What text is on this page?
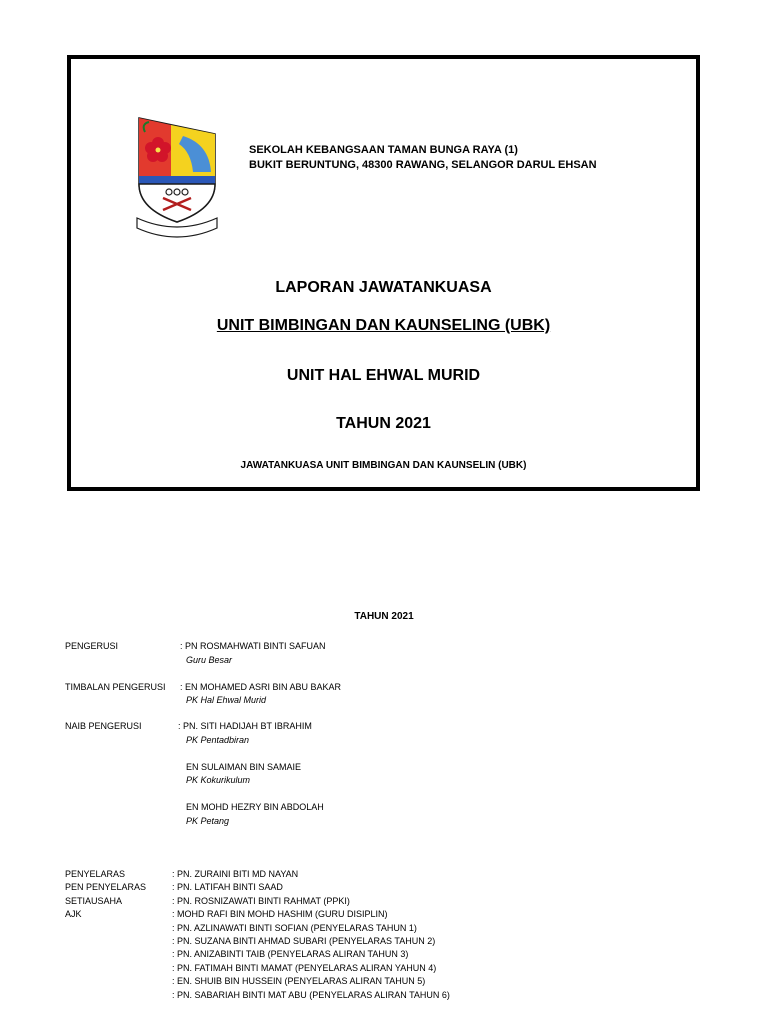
SEKOLAH KEBANGSAAN TAMAN BUNGA RAYA (1)
BUKIT BERUNTUNG, 48300 RAWANG, SELANGOR DARUL EHSAN
LAPORAN JAWATANKUASA
UNIT BIMBINGAN DAN KAUNSELING (UBK)
UNIT HAL EHWAL MURID
TAHUN 2021
JAWATANKUASA UNIT BIMBINGAN DAN KAUNSELIN (UBK)
TAHUN 2021
PENGERUSI	: PN ROSMAHWATI BINTI SAFUAN
Guru Besar
TIMBALAN PENGERUSI : EN MOHAMED ASRI BIN ABU BAKAR
PK Hal Ehwal Murid
NAIB PENGERUSI	: PN. SITI HADIJAH BT IBRAHIM
PK Pentadbiran
EN SULAIMAN BIN SAMAIE
PK Kokurikulum
EN MOHD HEZRY BIN ABDOLAH
PK Petang
PENYELARAS	: PN. ZURAINI BITI MD NAYAN
PEN PENYELARAS	: PN. LATIFAH BINTI SAAD
SETIAUSAHA	: PN. ROSNIZAWATI BINTI RAHMAT (PPKI)
AJK	: MOHD RAFI BIN MOHD HASHIM (GURU DISIPLIN)
: PN. AZLINAWATI BINTI SOFIAN (PENYELARAS TAHUN 1)
: PN. SUZANA BINTI AHMAD SUBARI (PENYELARAS TAHUN 2)
: PN. ANIZABINTI TAIB (PENYELARAS ALIRAN TAHUN 3)
: PN. FATIMAH BINTI MAMAT (PENYELARAS ALIRAN YAHUN 4)
: EN. SHUIB BIN HUSSEIN (PENYELARAS ALIRAN TAHUN 5)
: PN. SABARIAH BINTI MAT ABU (PENYELARAS ALIRAN TAHUN 6)
